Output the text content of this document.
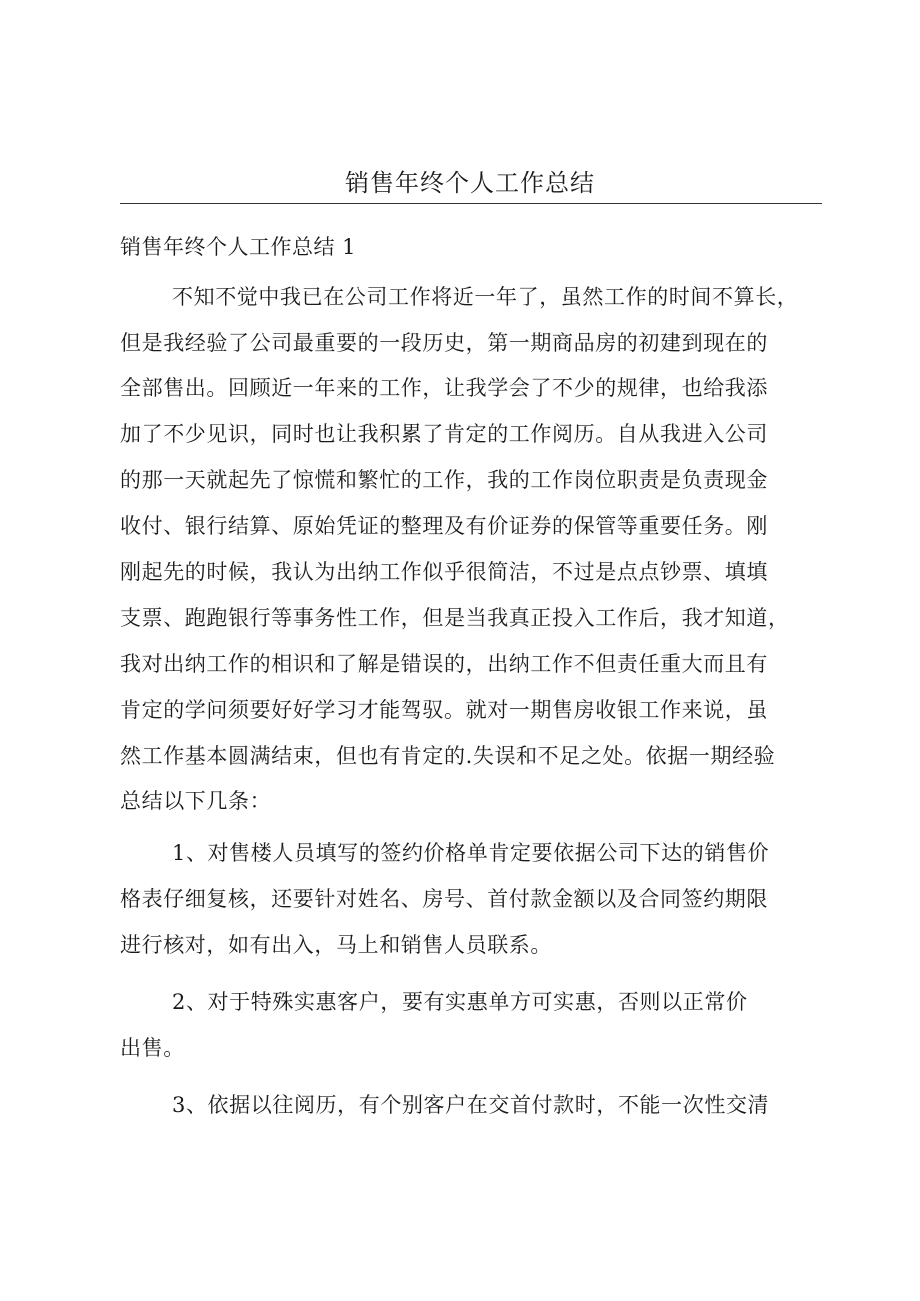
销售年终个人工作总结
销售年终个人工作总结 1
不知不觉中我已在公司工作将近一年了，虽然工作的时间不算长，
但是我经验了公司最重要的一段历史，第一期商品房的初建到现在的
全部售出。回顾近一年来的工作，让我学会了不少的规律，也给我添
加了不少见识，同时也让我积累了肯定的工作阅历。自从我进入公司
的那一天就起先了惊慌和繁忙的工作，我的工作岗位职责是负责现金
收付、银行结算、原始凭证的整理及有价证券的保管等重要任务。刚
刚起先的时候，我认为出纳工作似乎很简洁，不过是点点钞票、填填
支票、跑跑银行等事务性工作，但是当我真正投入工作后，我才知道，
我对出纳工作的相识和了解是错误的，出纳工作不但责任重大而且有
肯定的学问须要好好学习才能驾驭。就对一期售房收银工作来说，虽
然工作基本圆满结束，但也有肯定的.失误和不足之处。依据一期经验
总结以下几条：
1、对售楼人员填写的签约价格单肯定要依据公司下达的销售价
格表仔细复核，还要针对姓名、房号、首付款金额以及合同签约期限
进行核对，如有出入，马上和销售人员联系。
2、对于特殊实惠客户，要有实惠单方可实惠，否则以正常价
出售。
3、依据以往阅历，有个别客户在交首付款时，不能一次性交清
